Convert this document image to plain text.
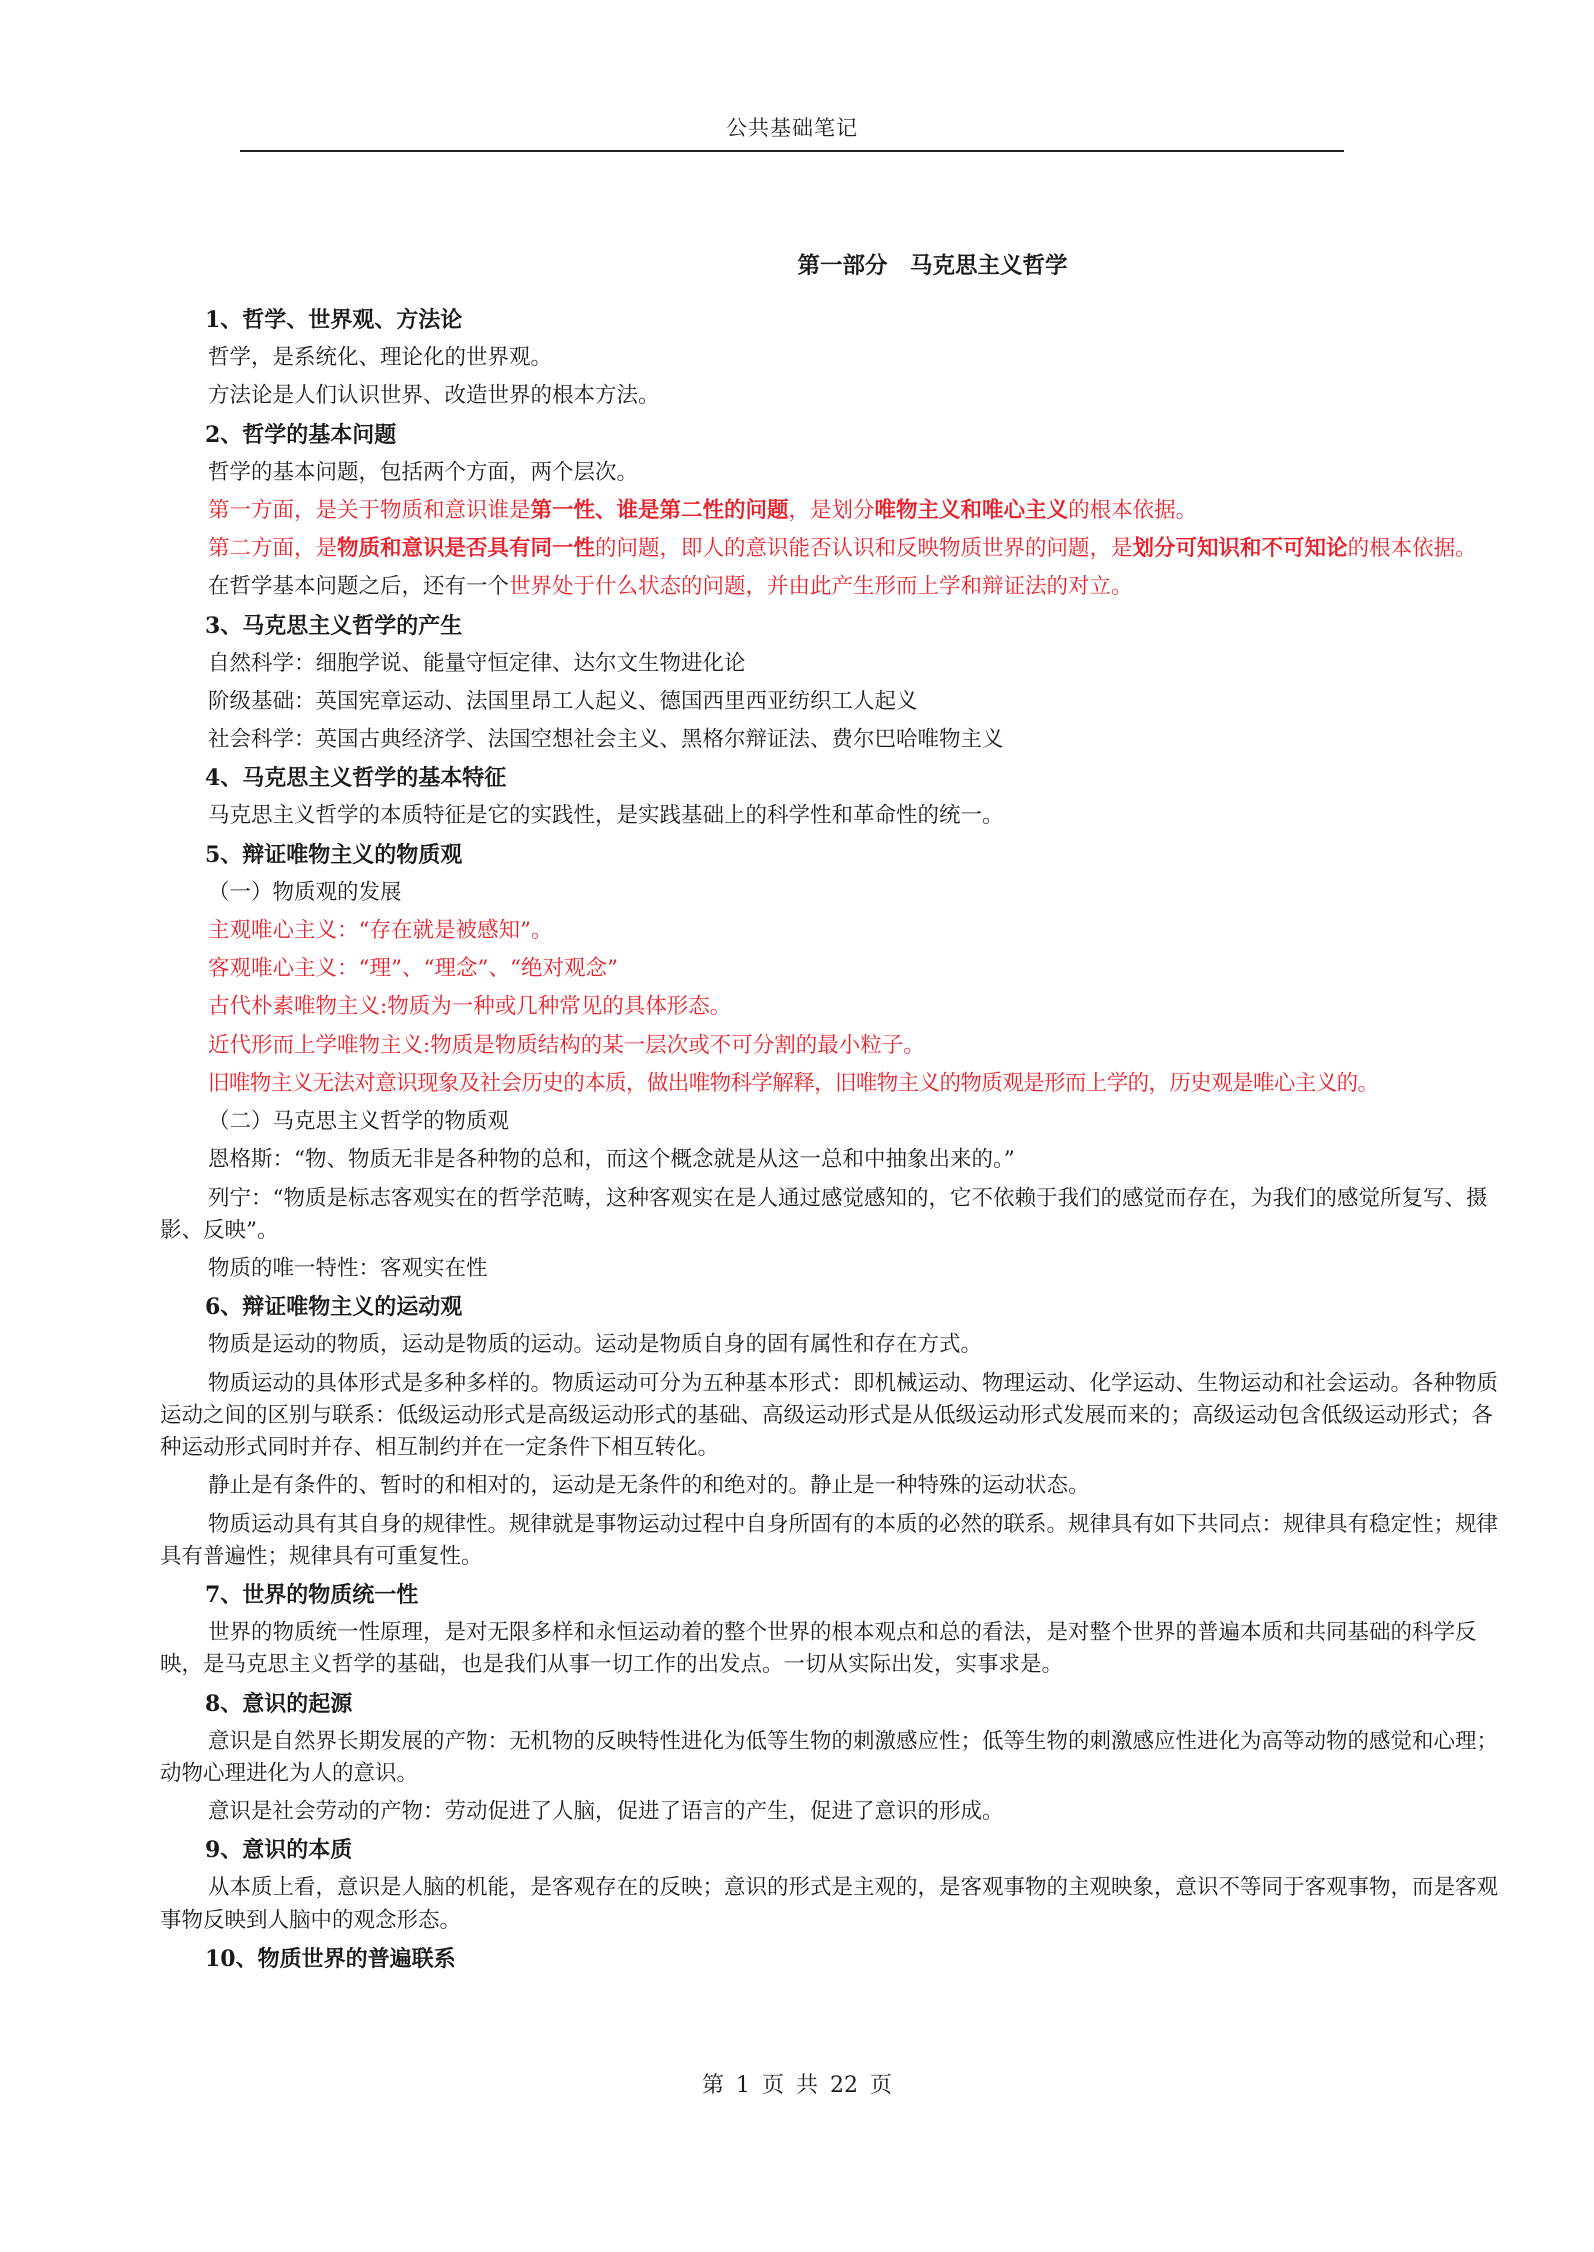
公共基础笔记
第一部分　马克思主义哲学
1、哲学、世界观、方法论

哲学，是系统化、理论化的世界观。

方法论是人们认识世界、改造世界的根本方法。

2、哲学的基本问题

哲学的基本问题，包括两个方面，两个层次。

第一方面，是关于物质和意识谁是第一性、谁是第二性的问题，是划分唯物主义和唯心主义的根本依据。

第二方面，是物质和意识是否具有同一性的问题，即人的意识能否认识和反映物质世界的问题，是划分可知识和不可知论的根本依据。

在哲学基本问题之后，还有一个世界处于什么状态的问题，并由此产生形而上学和辩证法的对立。

3、马克思主义哲学的产生

自然科学：细胞学说、能量守恒定律、达尔文生物进化论

阶级基础：英国宪章运动、法国里昂工人起义、德国西里西亚纺织工人起义

社会科学：英国古典经济学、法国空想社会主义、黑格尔辩证法、费尔巴哈唯物主义

4、马克思主义哲学的基本特征

马克思主义哲学的本质特征是它的实践性，是实践基础上的科学性和革命性的统一。

5、辩证唯物主义的物质观

（一）物质观的发展

主观唯心主义：“存在就是被感知”。

客观唯心主义：“理”、“理念”、“绝对观念”

古代朴素唯物主义:物质为一种或几种常见的具体形态。

近代形而上学唯物主义:物质是物质结构的某一层次或不可分割的最小粒子。

旧唯物主义无法对意识现象及社会历史的本质，做出唯物科学解释，旧唯物主义的物质观是形而上学的，历史观是唯心主义的。

（二）马克思主义哲学的物质观

恩格斯：“物、物质无非是各种物的总和，而这个概念就是从这一总和中抽象出来的。”

列宁：“物质是标志客观实在的哲学范畴，这种客观实在是人通过感觉感知的，它不依赖于我们的感觉而存在，为我们的感觉所复写、摄影、反映”。

物质的唯一特性：客观实在性

6、辩证唯物主义的运动观

物质是运动的物质，运动是物质的运动。运动是物质自身的固有属性和存在方式。

物质运动的具体形式是多种多样的。物质运动可分为五种基本形式：即机械运动、物理运动、化学运动、生物运动和社会运动。各种物质运动之间的区别与联系：低级运动形式是高级运动形式的基础、高级运动形式是从低级运动形式发展而来的；高级运动包含低级运动形式；各种运动形式同时并存、相互制约并在一定条件下相互转化。

静止是有条件的、暂时的和相对的，运动是无条件的和绝对的。静止是一种特殊的运动状态。

物质运动具有其自身的规律性。规律就是事物运动过程中自身所固有的本质的必然的联系。规律具有如下共同点：规律具有稳定性；规律具有普遍性；规律具有可重复性。

7、世界的物质统一性

世界的物质统一性原理，是对无限多样和永恒运动着的整个世界的根本观点和总的看法，是对整个世界的普遍本质和共同基础的科学反映，是马克思主义哲学的基础，也是我们从事一切工作的出发点。一切从实际出发，实事求是。

8、意识的起源

意识是自然界长期发展的产物：无机物的反映特性进化为低等生物的刺激感应性；低等生物的刺激感应性进化为高等动物的感觉和心理；动物心理进化为人的意识。

意识是社会劳动的产物：劳动促进了人脑，促进了语言的产生，促进了意识的形成。

9、意识的本质

从本质上看，意识是人脑的机能，是客观存在的反映；意识的形式是主观的，是客观事物的主观映象，意识不等同于客观事物，而是客观事物反映到人脑中的观念形态。

10、物质世界的普遍联系
第 1 页 共 22 页
